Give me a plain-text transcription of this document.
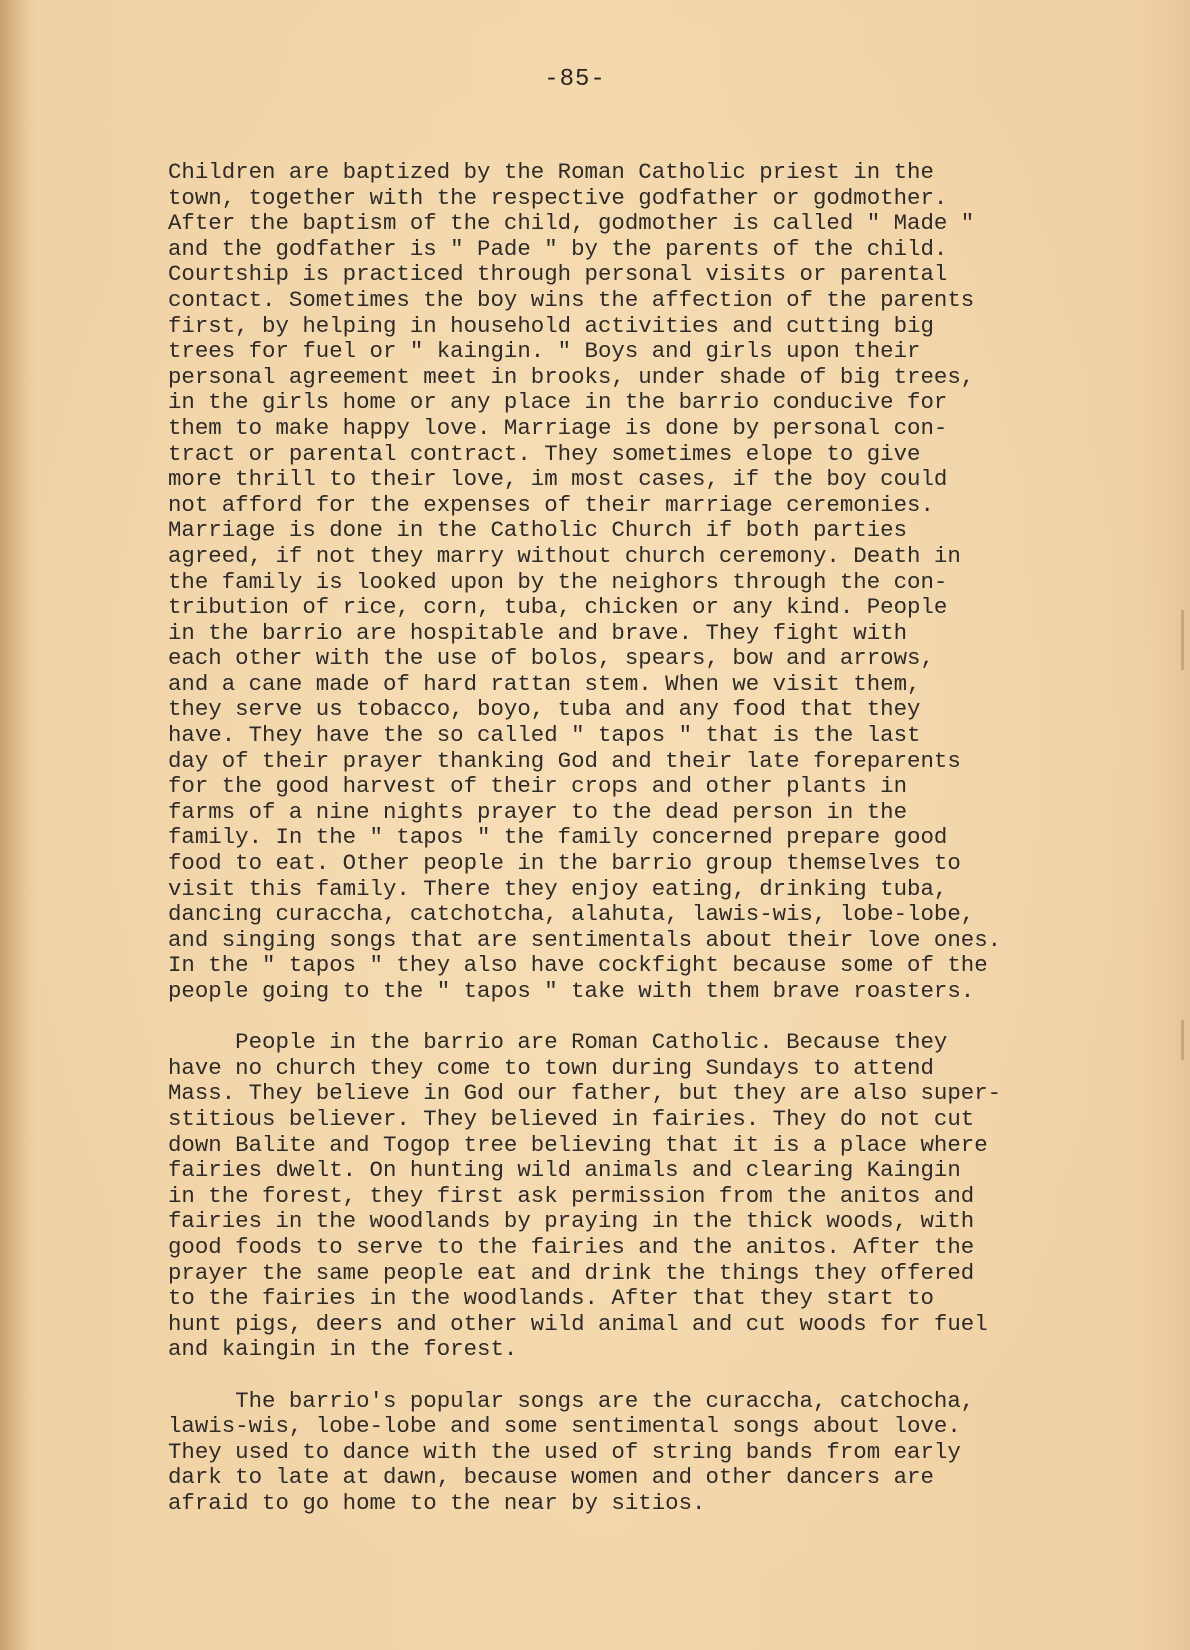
-85-
Children are baptized by the Roman Catholic priest in the
town, together with the respective godfather or godmother.
After the baptism of the child, godmother is called " Made "
and the godfather is " Pade " by the parents of the child.
Courtship is practiced through personal visits or parental
contact. Sometimes the boy wins the affection of the parents
first, by helping in household activities and cutting big
trees for fuel or " kaingin. " Boys and girls upon their
personal agreement meet in brooks, under shade of big trees,
in the girls home or any place in the barrio conducive for
them to make happy love. Marriage is done by personal con-
tract or parental contract. They sometimes elope to give
more thrill to their love, im most cases, if the boy could
not afford for the expenses of their marriage ceremonies.
Marriage is done in the Catholic Church if both parties
agreed, if not they marry without church ceremony. Death in
the family is looked upon by the neighors through the con-
tribution of rice, corn, tuba, chicken or any kind. People
in the barrio are hospitable and brave. They fight with
each other with the use of bolos, spears, bow and arrows,
and a cane made of hard rattan stem. When we visit them,
they serve us tobacco, boyo, tuba and any food that they
have. They have the so called " tapos " that is the last
day of their prayer thanking God and their late foreparents
for the good harvest of their crops and other plants in
farms of a nine nights prayer to the dead person in the
family. In the " tapos " the family concerned prepare good
food to eat. Other people in the barrio group themselves to
visit this family. There they enjoy eating, drinking tuba,
dancing curaccha, catchotcha, alahuta, lawis-wis, lobe-lobe,
and singing songs that are sentimentals about their love ones.
In the " tapos " they also have cockfight because some of the
people going to the " tapos " take with them brave roasters.
People in the barrio are Roman Catholic. Because they
have no church they come to town during Sundays to attend
Mass. They believe in God our father, but they are also super-
stitious believer. They believed in fairies. They do not cut
down Balite and Togop tree believing that it is a place where
fairies dwelt. On hunting wild animals and clearing Kaingin
in the forest, they first ask permission from the anitos and
fairies in the woodlands by praying in the thick woods, with
good foods to serve to the fairies and the anitos. After the
prayer the same people eat and drink the things they offered
to the fairies in the woodlands. After that they start to
hunt pigs, deers and other wild animal and cut woods for fuel
and kaingin in the forest.
The barrio's popular songs are the curaccha, catchocha,
lawis-wis, lobe-lobe and some sentimental songs about love.
They used to dance with the used of string bands from early
dark to late at dawn, because women and other dancers are
afraid to go home to the near by sitios.
